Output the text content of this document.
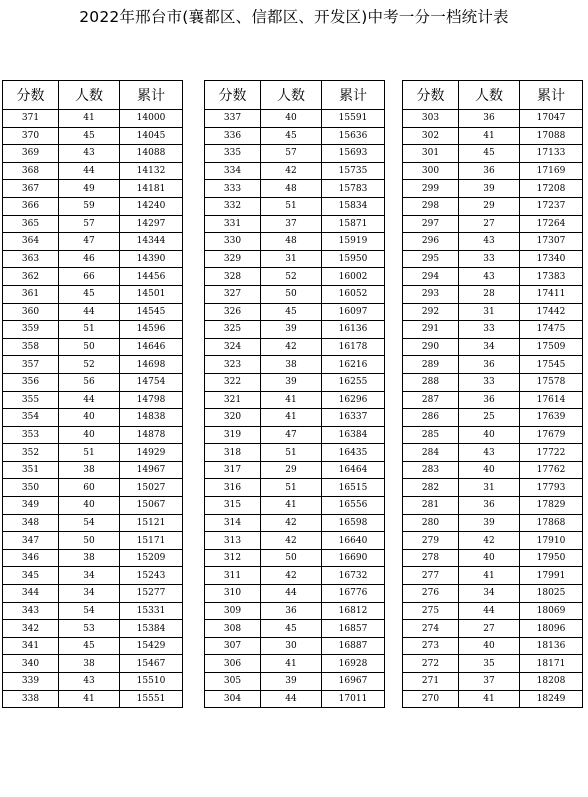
2022年邢台市(襄都区、信都区、开发区)中考一分一档统计表
分数	人数	累计
371	41	14000
370	45	14045
369	43	14088
368	44	14132
367	49	14181
366	59	14240
365	57	14297
364	47	14344
363	46	14390
362	66	14456
361	45	14501
360	44	14545
359	51	14596
358	50	14646
357	52	14698
356	56	14754
355	44	14798
354	40	14838
353	40	14878
352	51	14929
351	38	14967
350	60	15027
349	40	15067
348	54	15121
347	50	15171
346	38	15209
345	34	15243
344	34	15277
343	54	15331
342	53	15384
341	45	15429
340	38	15467
339	43	15510
338	41	15551
分数	人数	累计
337	40	15591
336	45	15636
335	57	15693
334	42	15735
333	48	15783
332	51	15834
331	37	15871
330	48	15919
329	31	15950
328	52	16002
327	50	16052
326	45	16097
325	39	16136
324	42	16178
323	38	16216
322	39	16255
321	41	16296
320	41	16337
319	47	16384
318	51	16435
317	29	16464
316	51	16515
315	41	16556
314	42	16598
313	42	16640
312	50	16690
311	42	16732
310	44	16776
309	36	16812
308	45	16857
307	30	16887
306	41	16928
305	39	16967
304	44	17011
分数	人数	累计
303	36	17047
302	41	17088
301	45	17133
300	36	17169
299	39	17208
298	29	17237
297	27	17264
296	43	17307
295	33	17340
294	43	17383
293	28	17411
292	31	17442
291	33	17475
290	34	17509
289	36	17545
288	33	17578
287	36	17614
286	25	17639
285	40	17679
284	43	17722
283	40	17762
282	31	17793
281	36	17829
280	39	17868
279	42	17910
278	40	17950
277	41	17991
276	34	18025
275	44	18069
274	27	18096
273	40	18136
272	35	18171
271	37	18208
270	41	18249
